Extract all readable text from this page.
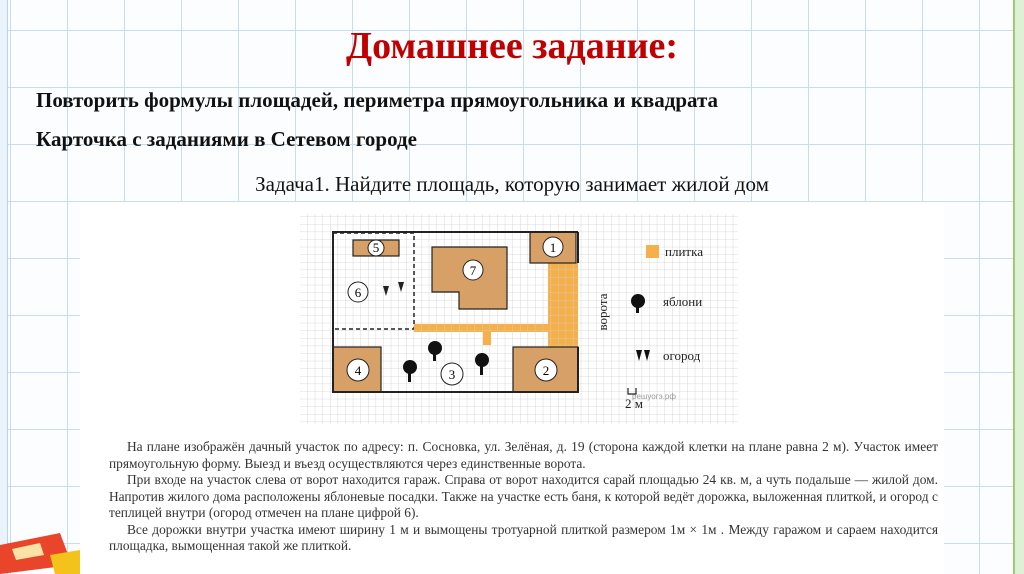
Домашнее задание:
Повторить формулы площадей, периметра прямоугольника и квадрата
Карточка с заданиями в Сетевом городе
Задача1. Найдите площадь, которую занимает жилой дом
5
6
7
1
2
3
4
ворота
плитка
яблони
огород
2 м
решуогэ.рф

На плане изображён дачный участок по адресу: п. Сосновка, ул. Зелёная, д. 19 (сторона каждой клетки на плане равна 2 м). Участок имеет прямоугольную форму. Выезд и въезд осуществляются через единственные ворота.

При входе на участок слева от ворот находится гараж. Справа от ворот находится сарай площадью 24 кв. м, а чуть подальше — жилой дом. Напротив жилого дома расположены яблоневые посадки. Также на участке есть баня, к которой ведёт дорожка, выложенная плиткой, и огород с теплицей внутри (огород отмечен на плане цифрой 6).

Все дорожки внутри участка имеют ширину 1 м и вымощены тротуарной плиткой размером 1м × 1м . Между гаражом и сараем находится площадка, вымощенная такой же плиткой.
